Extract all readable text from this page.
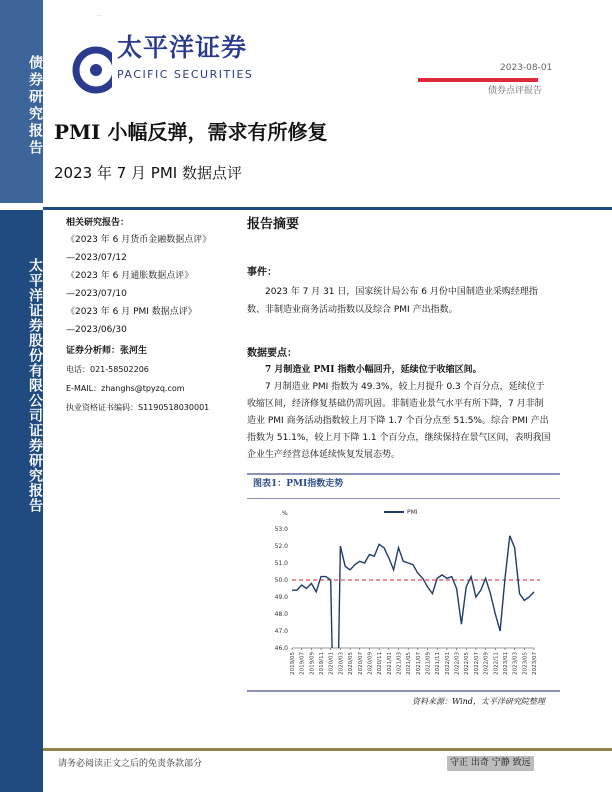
债券研究报告
太平洋证券股份有限公司证券研究报告
太平洋证券
PACIFIC SECURITIES	2023-08-01
债券点评报告
PMI 小幅反弹，需求有所修复
2023 年 7 月 PMI 数据点评
相关研究报告：
《2023 年 6 月货币金融数据点评》
—2023/07/12
《2023 年 6 月通胀数据点评》
—2023/07/10
《2023 年 6 月 PMI 数据点评》
—2023/06/30
证券分析师：张河生
电话：021-58502206
E-MAIL：zhanghs@tpyzq.com
执业资格证书编码：S1190518030001
报告摘要
事件：
2023 年 7 月 31 日，国家统计局公布 6 月份中国制造业采购经理指数、非制造业商务活动指数以及综合 PMI 产出指数。
数据要点：
7 月制造业 PMI 指数小幅回升，延续位于收缩区间。
7 月制造业 PMI 指数为 49.3%，较上月提升 0.3 个百分点，延续位于收缩区间，经济修复基础仍需巩固。非制造业景气水平有所下降，7 月非制造业 PMI 商务活动指数较上月下降 1.7 个百分点至 51.5%。综合 PMI 产出指数为 51.1%，较上月下降 1.1 个百分点，继续保持在景气区间，表明我国企业生产经营总体延续恢复发展态势。
图表1：PMI指数走势
%	PMI
53.0
52.0
51.0
50.0
49.0
48.0
47.0
46.0
2019/05 2019/07 2019/09 2019/11 2020/01 2020/03 2020/05 2020/07 2020/09 2020/11 2021/01 2021/03 2021/05 2021/07 2021/09 2021/11 2022/01 2022/03 2022/05 2022/07 2022/09 2022/11 2023/01 2023/03 2023/05 2023/07
资料来源：Wind，太平洋研究院整理
请务必阅读正文之后的免责条款部分	守正 出奇 宁静 致远
